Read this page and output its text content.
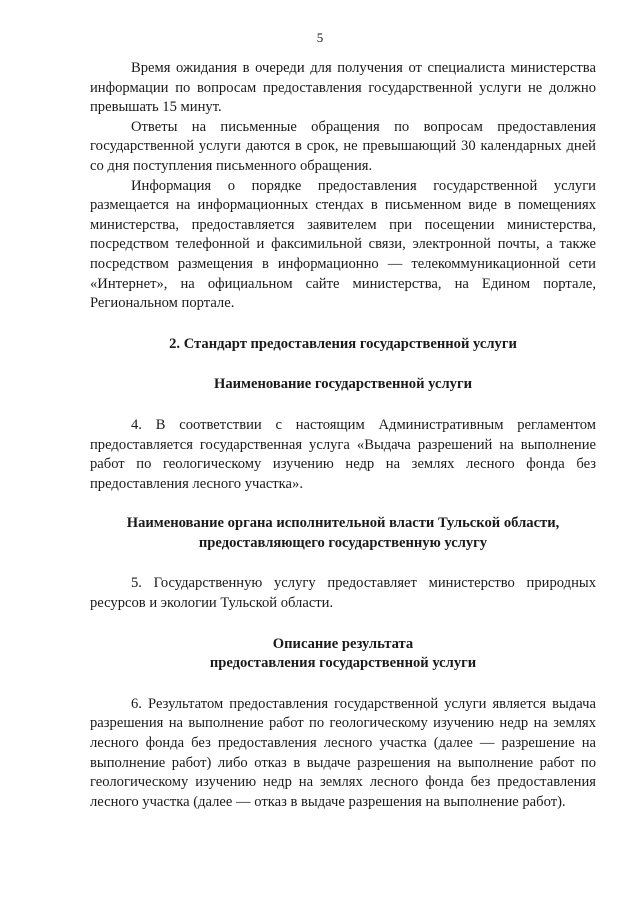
5

Время ожидания в очереди для получения от специалиста министерства информации по вопросам предоставления государственной услуги не должно превышать 15 минут.

Ответы на письменные обращения по вопросам предоставления государственной услуги даются в срок, не превышающий 30 календарных дней со дня поступления письменного обращения.

Информация о порядке предоставления государственной услуги размещается на информационных стендах в письменном виде в помещениях министерства, предоставляется заявителем при посещении министерства, посредством телефонной и факсимильной связи, электронной почты, а также посредством размещения в информационно — телекоммуникационной сети «Интернет», на официальном сайте министерства, на Едином портале, Региональном портале.

2. Стандарт предоставления государственной услуги

Наименование государственной услуги

4. В соответствии с настоящим Административным регламентом предоставляется государственная услуга «Выдача разрешений на выполнение работ по геологическому изучению недр на землях лесного фонда без предоставления лесного участка».

Наименование органа исполнительной власти Тульской области,
предоставляющего государственную услугу

5. Государственную услугу предоставляет министерство природных ресурсов и экологии Тульской области.

Описание результата
предоставления государственной услуги

6. Результатом предоставления государственной услуги является выдача разрешения на выполнение работ по геологическому изучению недр на землях лесного фонда без предоставления лесного участка (далее — разрешение на выполнение работ) либо отказ в выдаче разрешения на выполнение работ по геологическому изучению недр на землях лесного фонда без предоставления лесного участка (далее — отказ в выдаче разрешения на выполнение работ).
